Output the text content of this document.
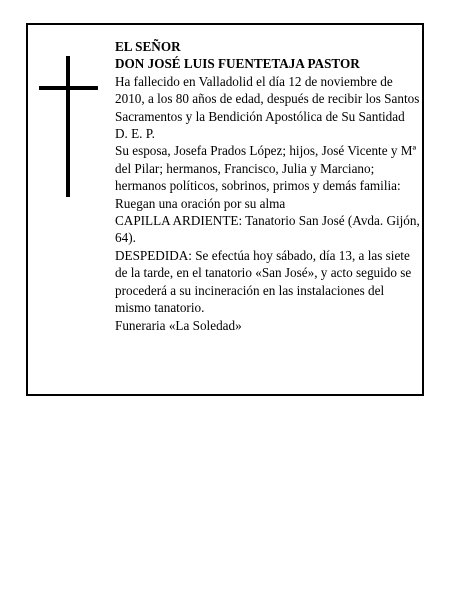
EL SEÑOR

DON JOSÉ LUIS FUENTETAJA PASTOR

Ha fallecido en Valladolid el día 12 de noviembre de 2010, a los 80 años de edad, después de recibir los Santos Sacramentos y la Bendición Apostólica de Su Santidad

D. E. P.

Su esposa, Josefa Prados López; hijos, José Vicente y Mª del Pilar; hermanos, Francisco, Julia y Marciano; hermanos políticos, sobrinos, primos y demás familia:

Ruegan una oración por su alma

CAPILLA ARDIENTE: Tanatorio San José (Avda. Gijón, 64).

DESPEDIDA: Se efectúa hoy sábado, día 13, a las siete de la tarde, en el tanatorio «San José», y acto seguido se procederá a su incineración en las instalaciones del mismo tanatorio.

Funeraria «La Soledad»
